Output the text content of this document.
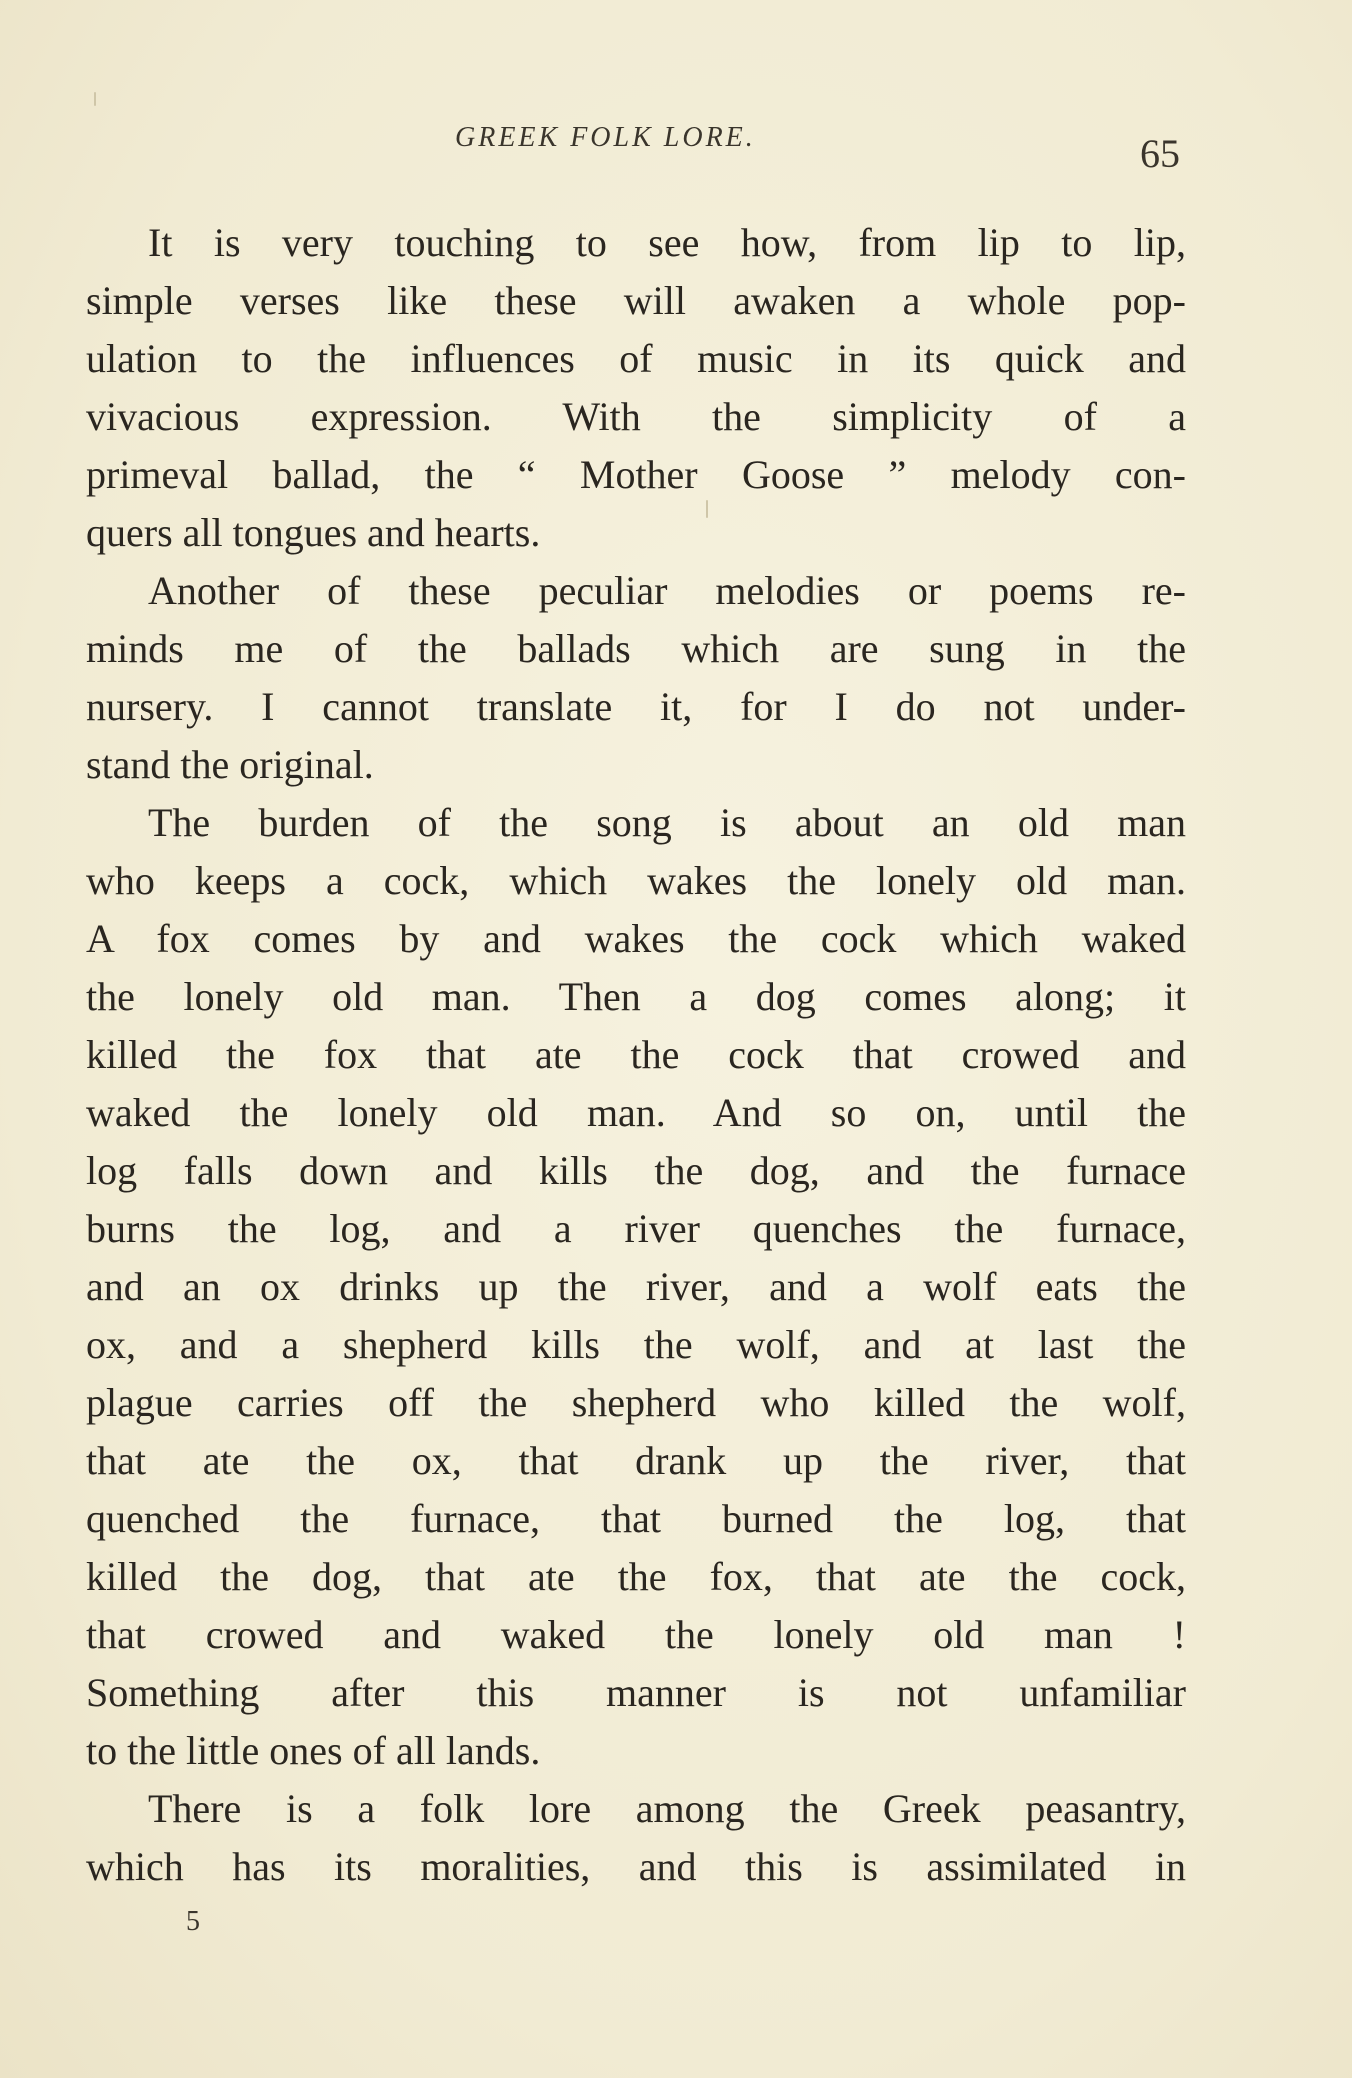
GREEK FOLK LORE.	65
It is very touching to see how, from lip to lip,
simple verses like these will awaken a whole pop-
ulation to the influences of music in its quick and
vivacious expression. With the simplicity of a
primeval ballad, the “ Mother Goose ” melody con-
quers all tongues and hearts.
Another of these peculiar melodies or poems re-
minds me of the ballads which are sung in the
nursery. I cannot translate it, for I do not under-
stand the original.
The burden of the song is about an old man
who keeps a cock, which wakes the lonely old man.
A fox comes by and wakes the cock which waked
the lonely old man. Then a dog comes along; it
killed the fox that ate the cock that crowed and
waked the lonely old man. And so on, until the
log falls down and kills the dog, and the furnace
burns the log, and a river quenches the furnace,
and an ox drinks up the river, and a wolf eats the
ox, and a shepherd kills the wolf, and at last the
plague carries off the shepherd who killed the wolf,
that ate the ox, that drank up the river, that
quenched the furnace, that burned the log, that
killed the dog, that ate the fox, that ate the cock,
that crowed and waked the lonely old man !
Something after this manner is not unfamiliar
to the little ones of all lands.
There is a folk lore among the Greek peasantry,
which has its moralities, and this is assimilated in
5
